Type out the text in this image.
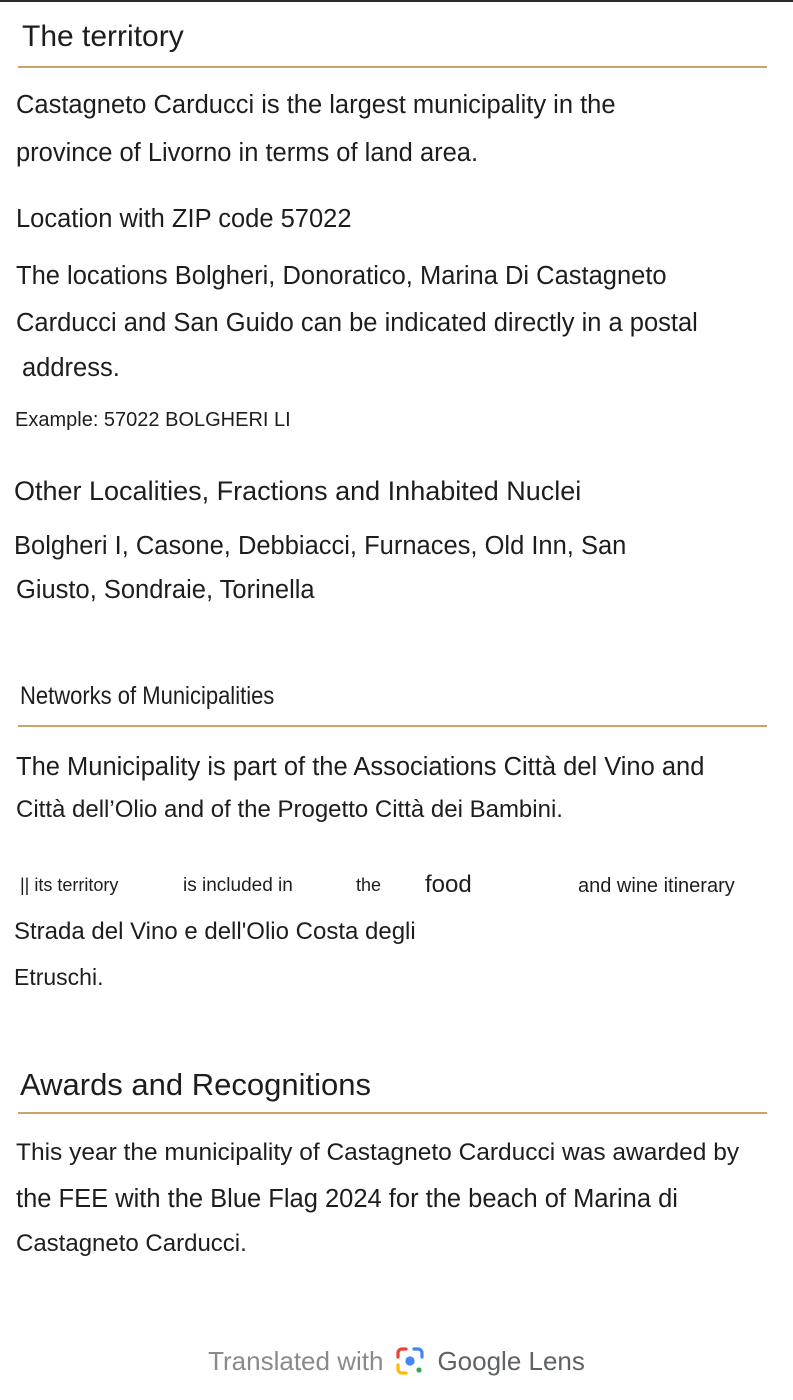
The territory
Castagneto Carducci is the largest municipality in the
province of Livorno in terms of land area.
Location with ZIP code 57022
The locations Bolgheri, Donoratico, Marina Di Castagneto
Carducci and San Guido can be indicated directly in a postal
address.
Example: 57022 BOLGHERI LI
Other Localities, Fractions and Inhabited Nuclei
Bolgheri I, Casone, Debbiacci, Furnaces, Old Inn, San
Giusto, Sondraie, Torinella
Networks of Municipalities
The Municipality is part of the Associations Città del Vino and
Città dell’Olio and of the Progetto Città dei Bambini.
|| its territory	is included in	the food	and wine itinerary
Strada del Vino e dell'Olio Costa degli
Etruschi.
Awards and Recognitions
This year the municipality of Castagneto Carducci was awarded by
the FEE with the Blue Flag 2024 for the beach of Marina di
Castagneto Carducci.
Translated with Google Lens
